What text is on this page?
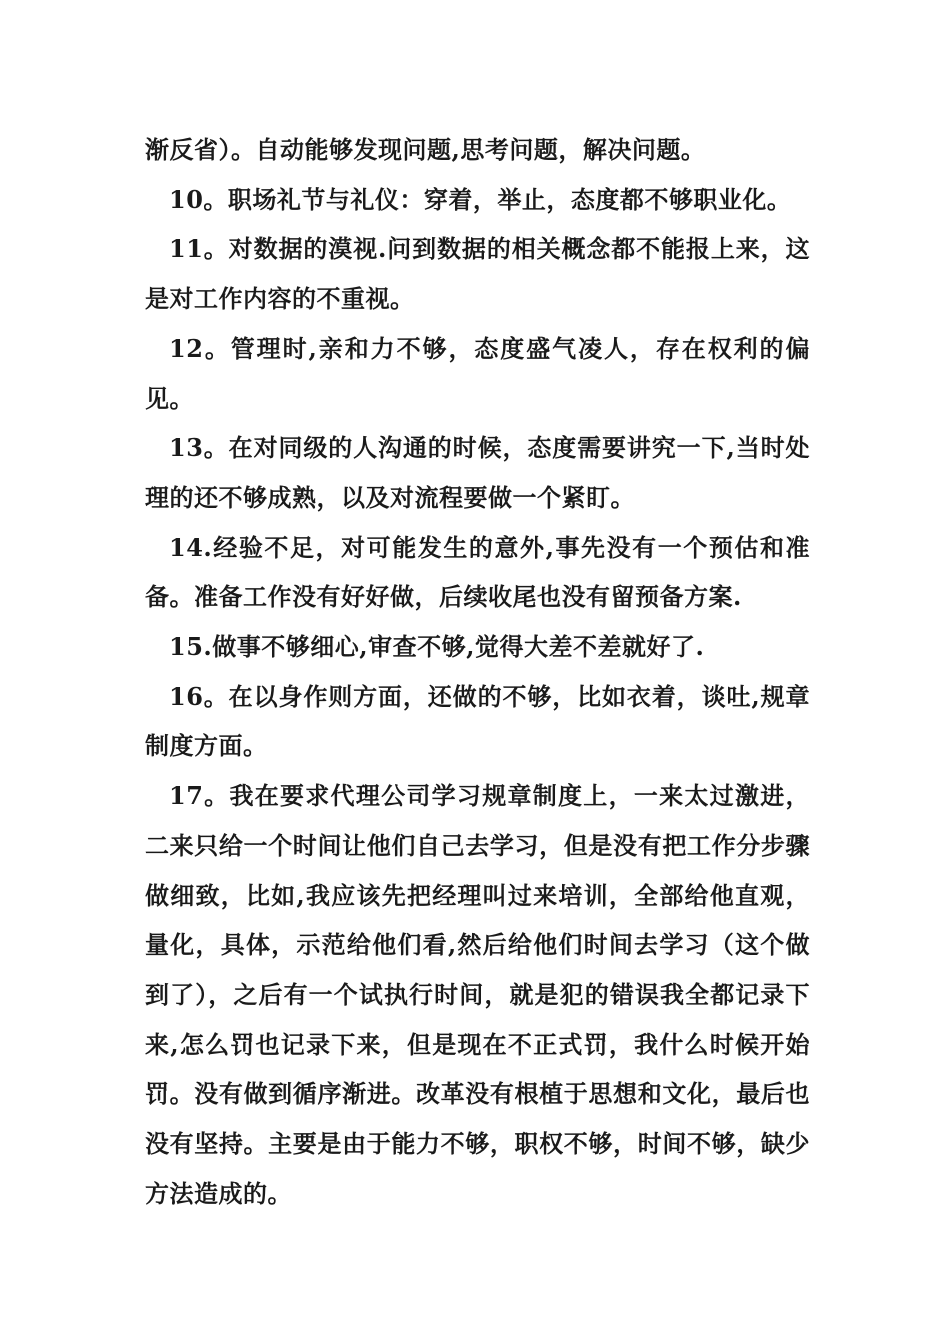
渐反省）。自动能够发现问题,思考问题，解决问题。

10。职场礼节与礼仪：穿着，举止，态度都不够职业化。

11。对数据的漠视.问到数据的相关概念都不能报上来，这是对工作内容的不重视。

12。管理时,亲和力不够，态度盛气凌人，存在权利的偏见。

13。在对同级的人沟通的时候，态度需要讲究一下,当时处理的还不够成熟，以及对流程要做一个紧盯。

14.经验不足，对可能发生的意外,事先没有一个预估和准备。准备工作没有好好做，后续收尾也没有留预备方案.

15.做事不够细心,审查不够,觉得大差不差就好了.

16。在以身作则方面，还做的不够，比如衣着，谈吐,规章制度方面。

17。我在要求代理公司学习规章制度上，一来太过激进，二来只给一个时间让他们自己去学习，但是没有把工作分步骤做细致，比如,我应该先把经理叫过来培训，全部给他直观，量化，具体，示范给他们看,然后给他们时间去学习（这个做到了），之后有一个试执行时间，就是犯的错误我全都记录下来,怎么罚也记录下来，但是现在不正式罚，我什么时候开始罚。没有做到循序渐进。改革没有根植于思想和文化，最后也没有坚持。主要是由于能力不够，职权不够，时间不够，缺少方法造成的。
